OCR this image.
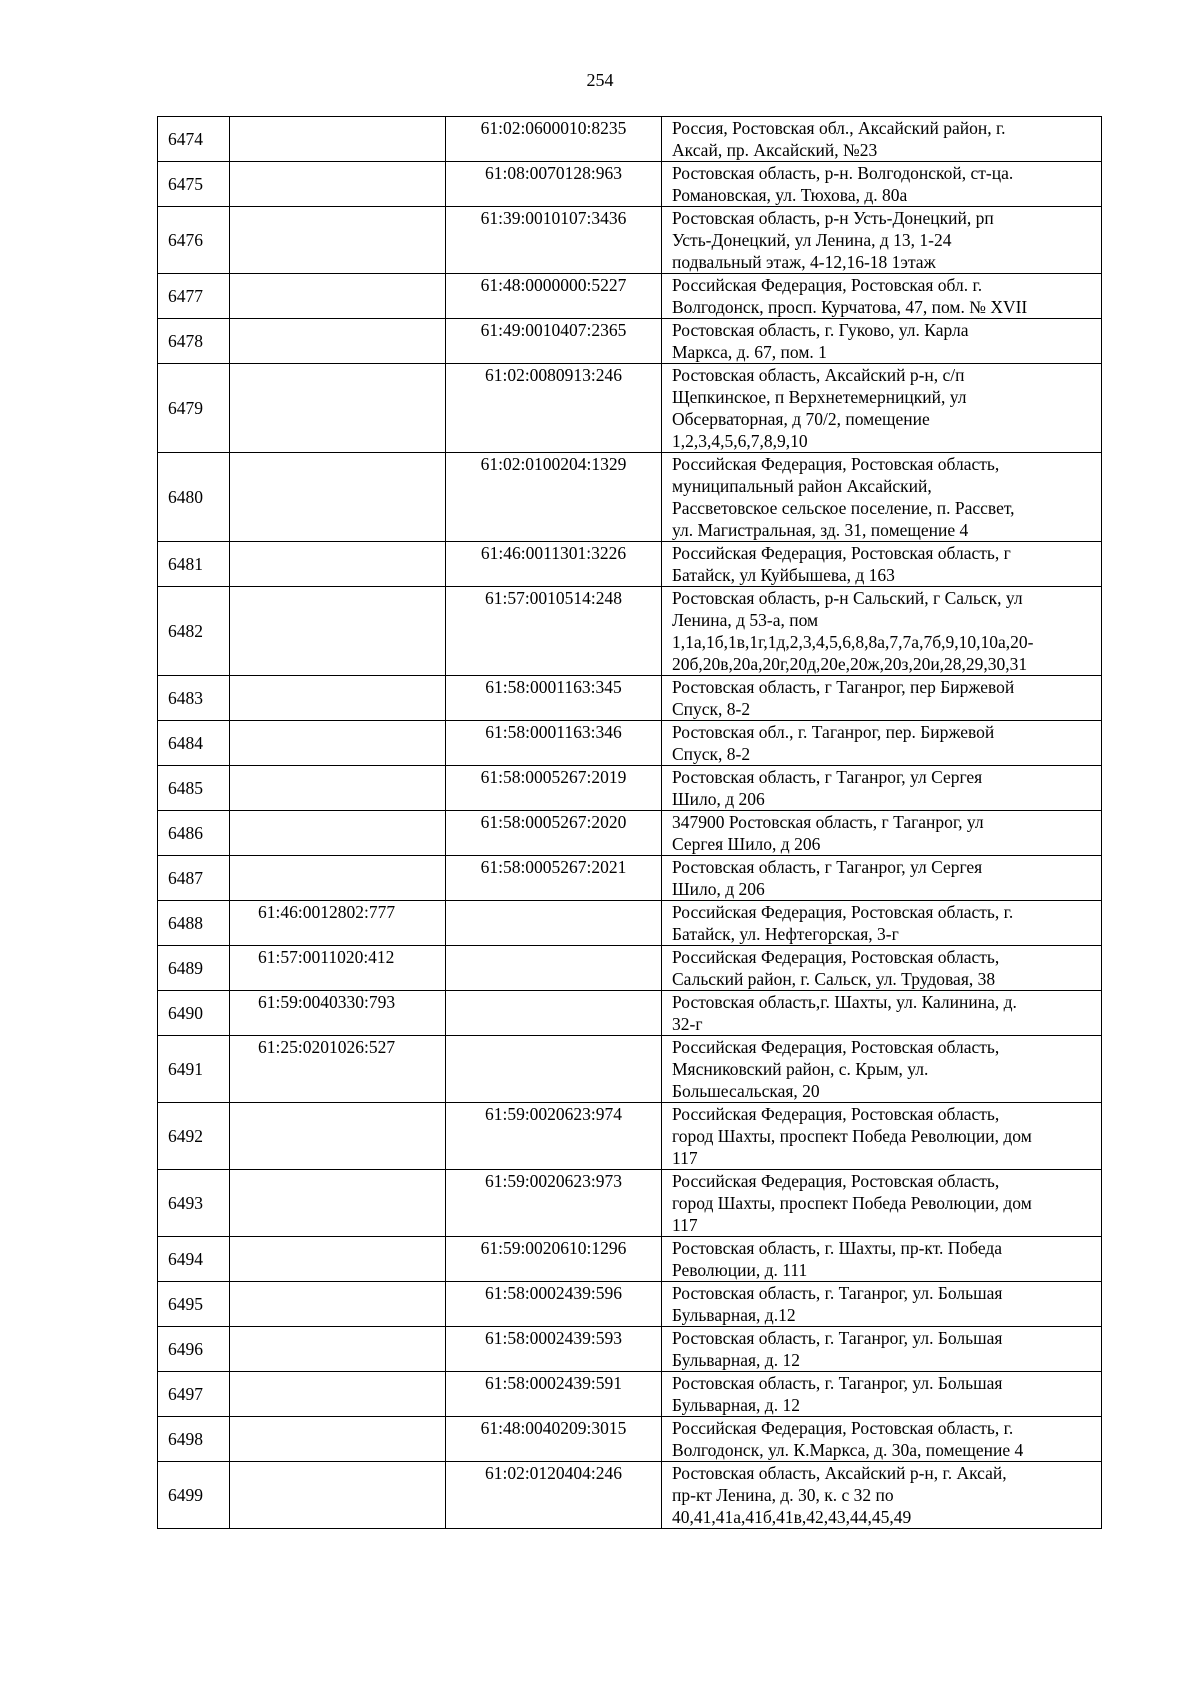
254
6474		61:02:0600010:8235	Россия, Ростовская обл., Аксайский район, г.
Аксай, пр. Аксайский, №23

6475		61:08:0070128:963	Ростовская область, р-н. Волгодонской, ст-ца.
Романовская, ул. Тюхова, д. 80а

6476		61:39:0010107:3436	Ростовская область, р-н Усть-Донецкий, рп
Усть-Донецкий, ул Ленина, д 13, 1-24
подвальный этаж, 4-12,16-18 1этаж

6477		61:48:0000000:5227	Российская Федерация, Ростовская обл. г.
Волгодонск, просп. Курчатова, 47, пом. № XVII

6478		61:49:0010407:2365	Ростовская область, г. Гуково, ул. Карла
Маркса, д. 67, пом. 1

6479		61:02:0080913:246	Ростовская область, Аксайский р-н, с/п
Щепкинское, п Верхнетемерницкий, ул
Обсерваторная, д 70/2, помещение
1,2,3,4,5,6,7,8,9,10

6480		61:02:0100204:1329	Российская Федерация, Ростовская область,
муниципальный район Аксайский,
Рассветовское сельское поселение, п. Рассвет,
ул. Магистральная, зд. 31, помещение 4

6481		61:46:0011301:3226	Российская Федерация, Ростовская область, г
Батайск, ул Куйбышева, д 163

6482		61:57:0010514:248	Ростовская область, р-н Сальский, г Сальск, ул
Ленина, д 53-а, пом
1,1а,1б,1в,1г,1д,2,3,4,5,6,8,8а,7,7а,7б,9,10,10а,20-
20б,20в,20а,20г,20д,20е,20ж,20з,20и,28,29,30,31

6483		61:58:0001163:345	Ростовская область, г Таганрог, пер Биржевой
Спуск, 8-2

6484		61:58:0001163:346	Ростовская обл., г. Таганрог, пер. Биржевой
Спуск, 8-2

6485		61:58:0005267:2019	Ростовская область, г Таганрог, ул Сергея
Шило, д 206

6486		61:58:0005267:2020	347900 Ростовская область, г Таганрог, ул
Сергея Шило, д 206

6487		61:58:0005267:2021	Ростовская область, г Таганрог, ул Сергея
Шило, д 206

6488	61:46:0012802:777		Российская Федерация, Ростовская область, г.
Батайск, ул. Нефтегорская, 3-г

6489	61:57:0011020:412		Российская Федерация, Ростовская область,
Сальский район, г. Сальск, ул. Трудовая, 38

6490	61:59:0040330:793		Ростовская область,г. Шахты, ул. Калинина, д.
32-г

6491	61:25:0201026:527		Российская Федерация, Ростовская область,
Мясниковский район, с. Крым, ул.
Большесальская, 20

6492		61:59:0020623:974	Российская Федерация, Ростовская область,
город Шахты, проспект Победа Революции, дом
117

6493		61:59:0020623:973	Российская Федерация, Ростовская область,
город Шахты, проспект Победа Революции, дом
117

6494		61:59:0020610:1296	Ростовская область, г. Шахты, пр-кт. Победа
Революции, д. 111

6495		61:58:0002439:596	Ростовская область, г. Таганрог, ул. Большая
Бульварная, д.12

6496		61:58:0002439:593	Ростовская область, г. Таганрог, ул. Большая
Бульварная, д. 12

6497		61:58:0002439:591	Ростовская область, г. Таганрог, ул. Большая
Бульварная, д. 12

6498		61:48:0040209:3015	Российская Федерация, Ростовская область, г.
Волгодонск, ул. К.Маркса, д. 30а, помещение 4

6499		61:02:0120404:246	Ростовская область, Аксайский р-н, г. Аксай,
пр-кт Ленина, д. 30, к. с 32 по
40,41,41а,41б,41в,42,43,44,45,49
